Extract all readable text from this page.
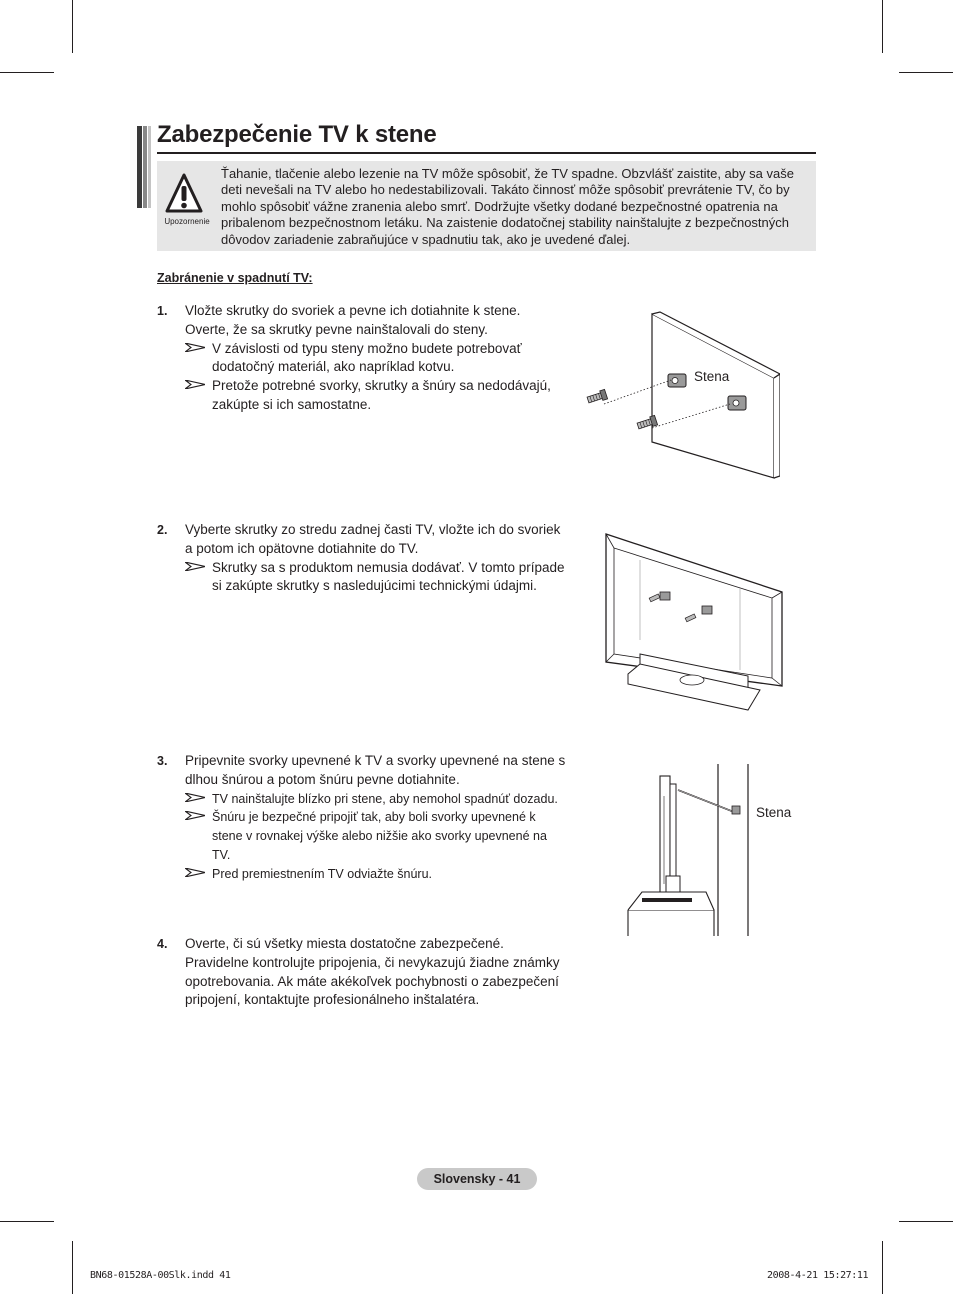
Zabezpečenie TV k stene
Upozornenie
Ťahanie, tlačenie alebo lezenie na TV môže spôsobiť, že TV spadne. Obzvlášť zaistite, aby sa vaše deti nevešali na TV alebo ho nedestabilizovali. Takáto činnosť môže spôsobiť prevrátenie TV, čo by mohlo spôsobiť vážne zranenia alebo smrť. Dodržujte všetky dodané bezpečnostné opatrenia na pribalenom bezpečnostnom letáku. Na zaistenie dodatočnej stability nainštalujte z bezpečnostných dôvodov zariadenie zabraňujúce v spadnutiu tak, ako je uvedené ďalej.
Zabránenie v spadnutí TV:
1. Vložte skrutky do svoriek a pevne ich dotiahnite k stene. Overte, že sa skrutky pevne nainštalovali do steny.
V závislosti od typu steny možno budete potrebovať dodatočný materiál, ako napríklad kotvu.
Pretože potrebné svorky, skrutky a šnúry sa nedodávajú, zakúpte si ich samostatne.
2. Vyberte skrutky zo stredu zadnej časti TV, vložte ich do svoriek a potom ich opätovne dotiahnite do TV.
Skrutky sa s produktom nemusia dodávať. V tomto prípade si zakúpte skrutky s nasledujúcimi technickými údajmi.
3. Pripevnite svorky upevnené k TV a svorky upevnené na stene s dlhou šnúrou a potom šnúru pevne dotiahnite.
TV nainštalujte blízko pri stene, aby nemohol spadnúť dozadu.
Šnúru je bezpečné pripojiť tak, aby boli svorky upevnené k stene v rovnakej výške alebo nižšie ako svorky upevnené na TV.
Pred premiestnením TV odviažte šnúru.
4. Overte, či sú všetky miesta dostatočne zabezpečené. Pravidelne kontrolujte pripojenia, či nevykazujú žiadne známky opotrebovania. Ak máte akékoľvek pochybnosti o zabezpečení pripojení, kontaktujte profesionálneho inštalatéra.
Stena
Stena
Slovensky - 41
BN68-01528A-00Slk.indd 41	2008-4-21 15:27:11
